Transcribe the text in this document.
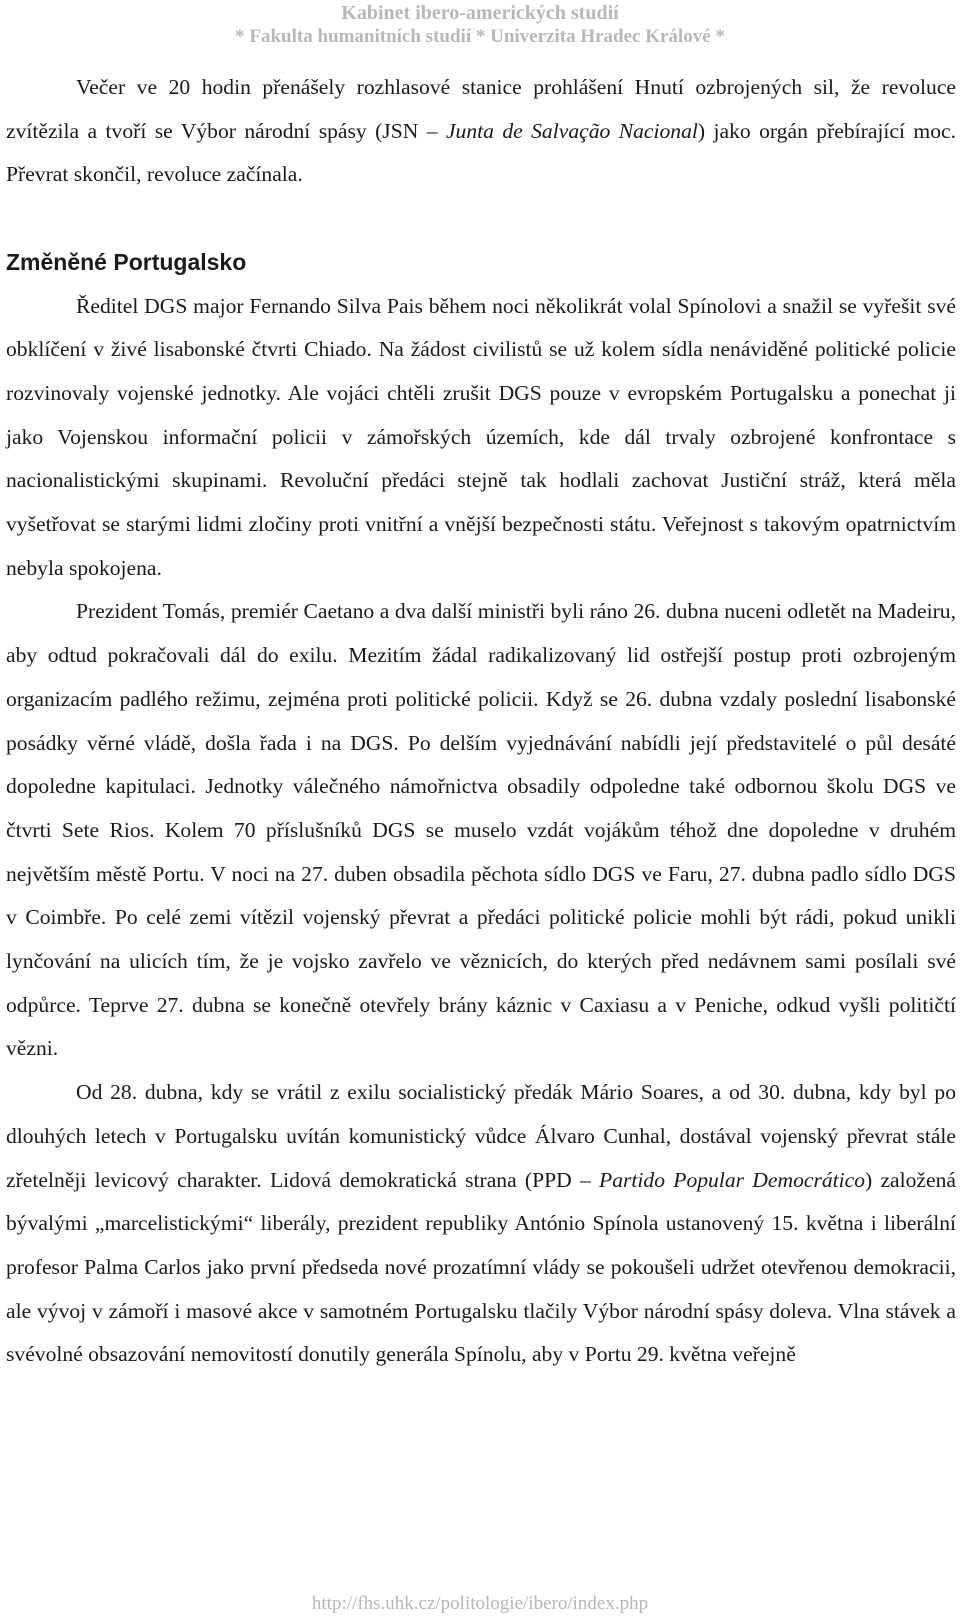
Kabinet ibero-amerických studií
* Fakulta humanitních studií * Univerzita Hradec Králové *

Večer ve 20 hodin přenášely rozhlasové stanice prohlášení Hnutí ozbrojených sil, že revoluce zvítězila a tvoří se Výbor národní spásy (JSN – Junta de Salvação Nacional) jako orgán přebírající moc. Převrat skončil, revoluce začínala.

Změněné Portugalsko

Ředitel DGS major Fernando Silva Pais během noci několikrát volal Spínolovi a snažil se vyřešit své obklíčení v živé lisabonské čtvrti Chiado. Na žádost civilistů se už kolem sídla nenáviděné politické policie rozvinovaly vojenské jednotky. Ale vojáci chtěli zrušit DGS pouze v evropském Portugalsku a ponechat ji jako Vojenskou informační policii v zámořských územích, kde dál trvaly ozbrojené konfrontace s nacionalistickými skupinami. Revoluční předáci stejně tak hodlali zachovat Justiční stráž, která měla vyšetřovat se starými lidmi zločiny proti vnitřní a vnější bezpečnosti státu. Veřejnost s takovým opatrnictvím nebyla spokojena.

Prezident Tomás, premiér Caetano a dva další ministři byli ráno 26. dubna nuceni odletět na Madeiru, aby odtud pokračovali dál do exilu. Mezitím žádal radikalizovaný lid ostřejší postup proti ozbrojeným organizacím padlého režimu, zejména proti politické policii. Když se 26. dubna vzdaly poslední lisabonské posádky věrné vládě, došla řada i na DGS. Po delším vyjednávání nabídli její představitelé o půl desáté dopoledne kapitulaci. Jednotky válečného námořnictva obsadily odpoledne také odbornou školu DGS ve čtvrti Sete Rios. Kolem 70 příslušníků DGS se muselo vzdát vojákům téhož dne dopoledne v druhém největším městě Portu. V noci na 27. duben obsadila pěchota sídlo DGS ve Faru, 27. dubna padlo sídlo DGS v Coimbře. Po celé zemi vítězil vojenský převrat a předáci politické policie mohli být rádi, pokud unikli lynčování na ulicích tím, že je vojsko zavřelo ve věznicích, do kterých před nedávnem sami posílali své odpůrce. Teprve 27. dubna se konečně otevřely brány káznic v Caxiasu a v Peniche, odkud vyšli političtí vězni.

Od 28. dubna, kdy se vrátil z exilu socialistický předák Mário Soares, a od 30. dubna, kdy byl po dlouhých letech v Portugalsku uvítán komunistický vůdce Álvaro Cunhal, dostával vojenský převrat stále zřetelněji levicový charakter. Lidová demokratická strana (PPD – Partido Popular Democrático) založená bývalými „marcelistickými“ liberály, prezident republiky António Spínola ustanovený 15. května i liberální profesor Palma Carlos jako první předseda nové prozatímní vlády se pokoušeli udržet otevřenou demokracii, ale vývoj v zámoří i masové akce v samotném Portugalsku tlačily Výbor národní spásy doleva. Vlna stávek a svévolné obsazování nemovitostí donutily generála Spínolu, aby v Portu 29. května veřejně

http://fhs.uhk.cz/politologie/ibero/index.php
